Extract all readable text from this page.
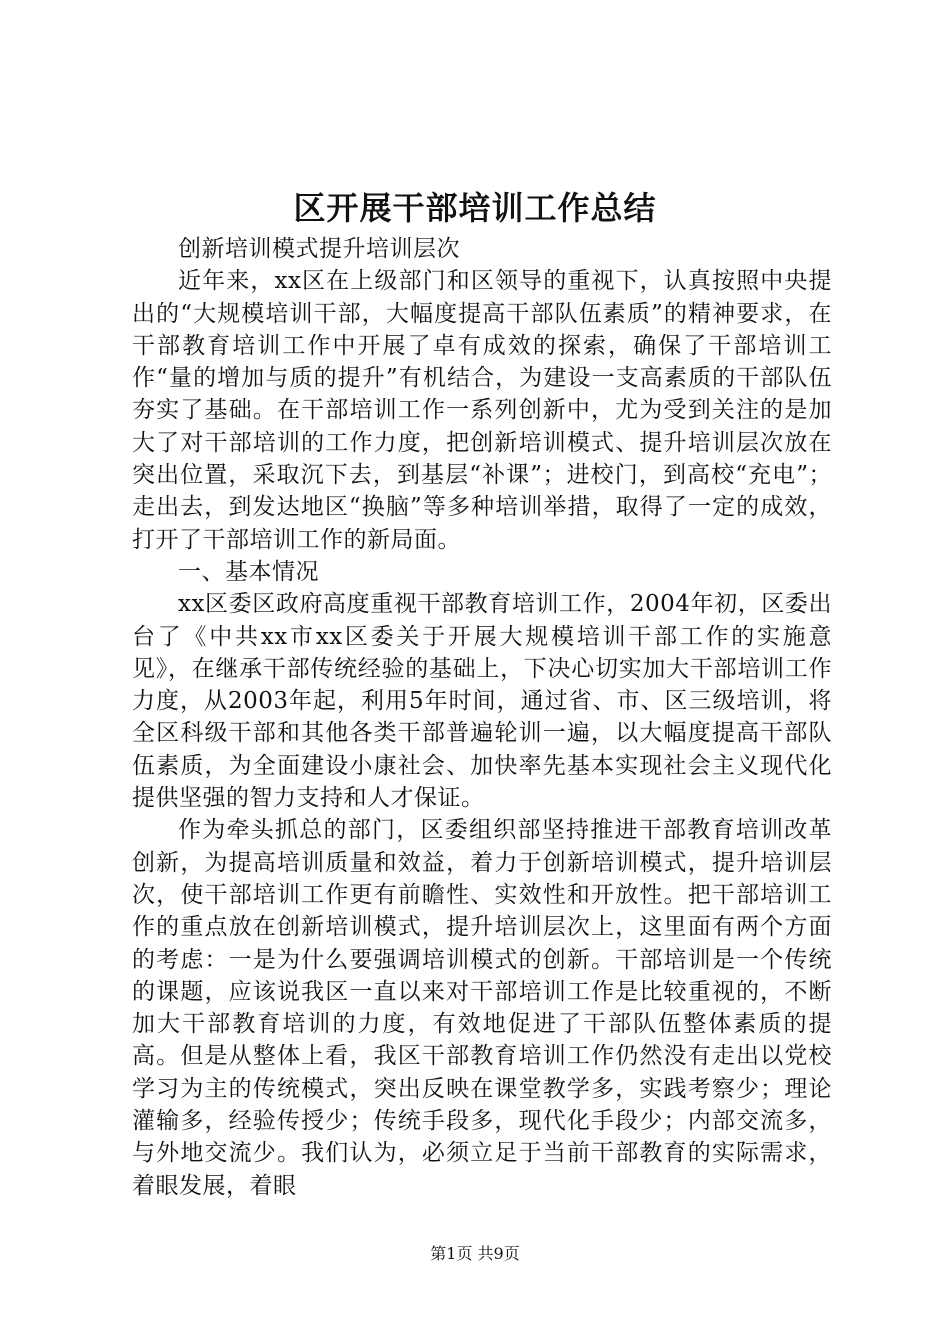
区开展干部培训工作总结

创新培训模式提升培训层次

近年来，xx区在上级部门和区领导的重视下，认真按照中央提出的“大规模培训干部，大幅度提高干部队伍素质”的精神要求，在干部教育培训工作中开展了卓有成效的探索，确保了干部培训工作“量的增加与质的提升”有机结合，为建设一支高素质的干部队伍夯实了基础。在干部培训工作一系列创新中，尤为受到关注的是加大了对干部培训的工作力度，把创新培训模式、提升培训层次放在突出位置，采取沉下去，到基层“补课”；进校门，到高校“充电”；走出去，到发达地区“换脑”等多种培训举措，取得了一定的成效，打开了干部培训工作的新局面。

一、基本情况

xx区委区政府高度重视干部教育培训工作，2004年初，区委出台了《中共xx市xx区委关于开展大规模培训干部工作的实施意见》，在继承干部传统经验的基础上，下决心切实加大干部培训工作力度，从2003年起，利用5年时间，通过省、市、区三级培训，将全区科级干部和其他各类干部普遍轮训一遍，以大幅度提高干部队伍素质，为全面建设小康社会、加快率先基本实现社会主义现代化提供坚强的智力支持和人才保证。

作为牵头抓总的部门，区委组织部坚持推进干部教育培训改革创新，为提高培训质量和效益，着力于创新培训模式，提升培训层次，使干部培训工作更有前瞻性、实效性和开放性。把干部培训工作的重点放在创新培训模式，提升培训层次上，这里面有两个方面的考虑：一是为什么要强调培训模式的创新。干部培训是一个传统的课题，应该说我区一直以来对干部培训工作是比较重视的，不断加大干部教育培训的力度，有效地促进了干部队伍整体素质的提高。但是从整体上看，我区干部教育培训工作仍然没有走出以党校学习为主的传统模式，突出反映在课堂教学多，实践考察少；理论灌输多，经验传授少；传统手段多，现代化手段少；内部交流多，与外地交流少。我们认为，必须立足于当前干部教育的实际需求，着眼发展，着眼

第1页 共9页
